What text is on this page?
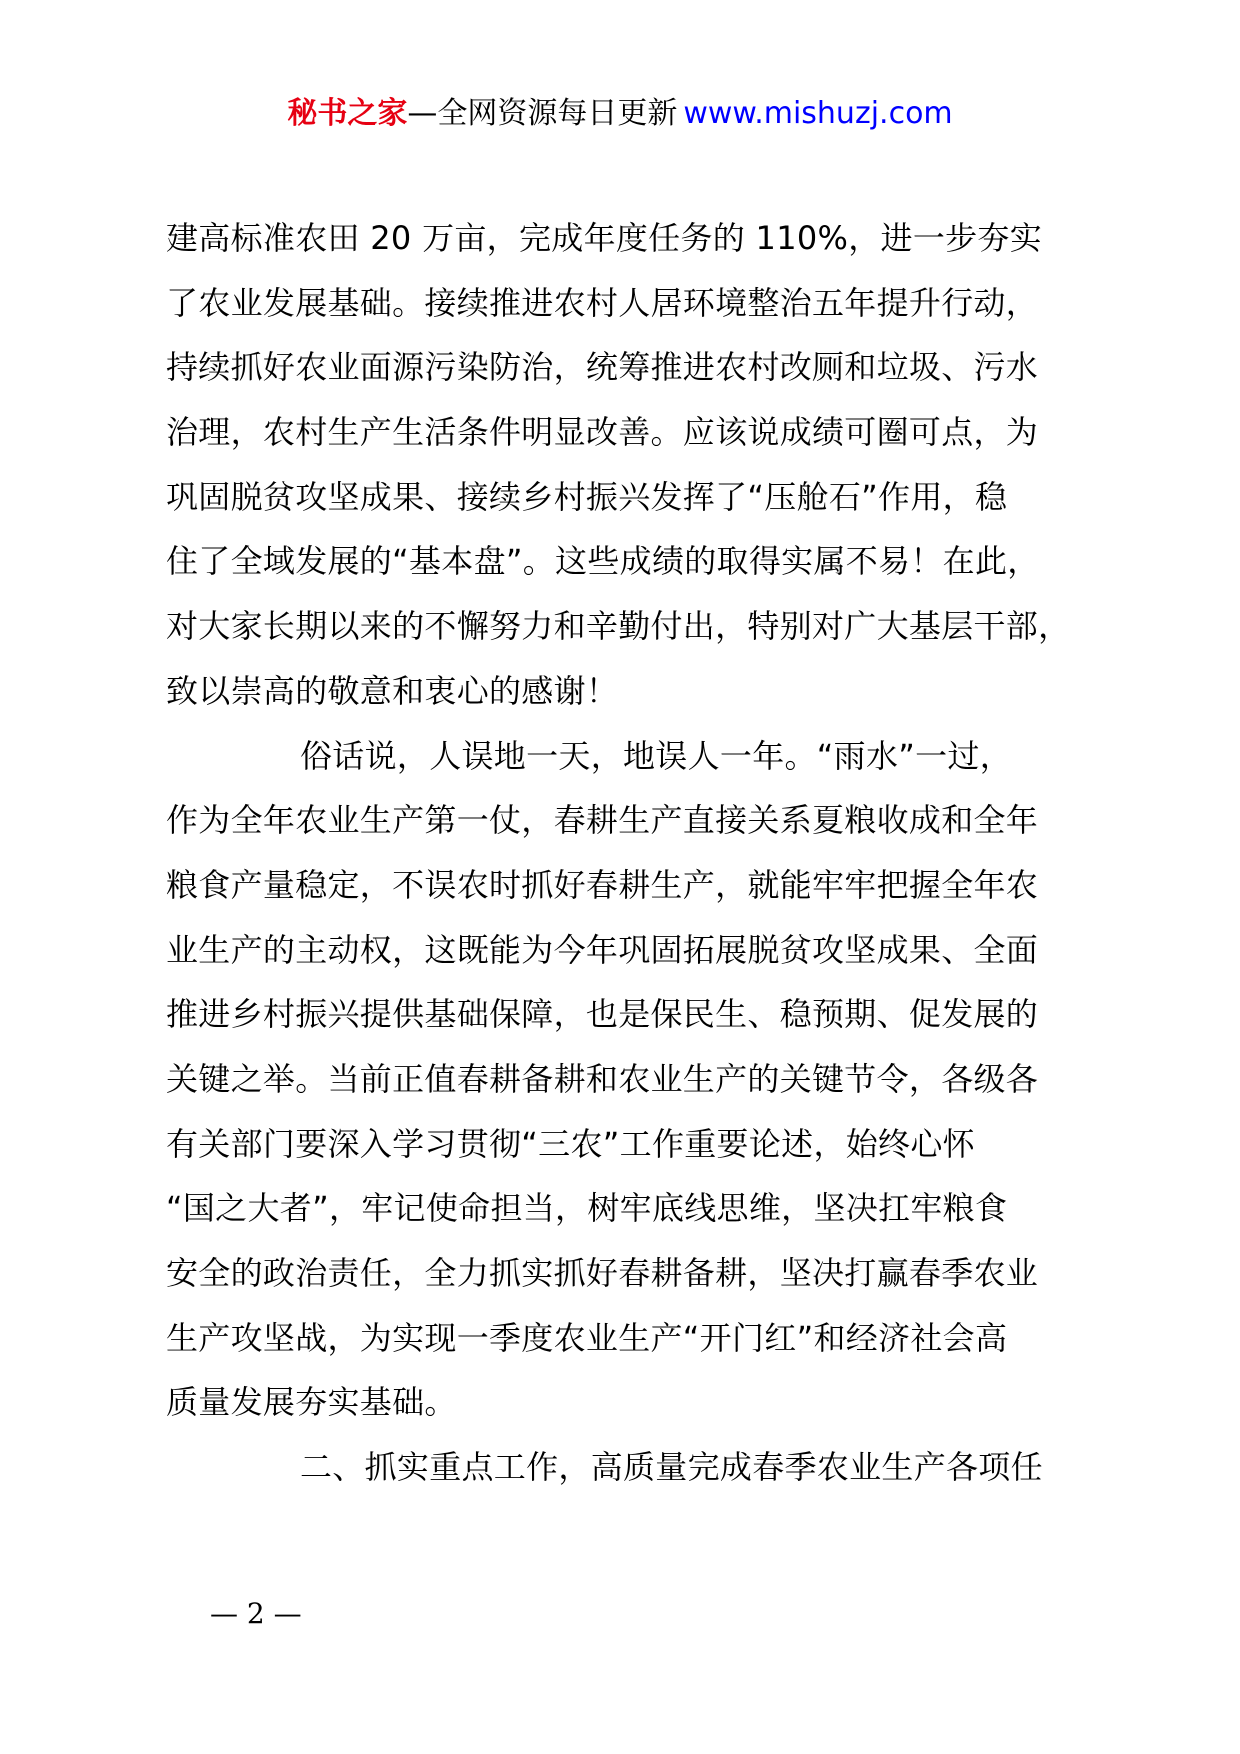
秘书之家—全网资源每日更新 www.mishuzj.com
建高标准农田 20 万亩，完成年度任务的 110%，进一步夯实
了农业发展基础。接续推进农村人居环境整治五年提升行动，
持续抓好农业面源污染防治，统筹推进农村改厕和垃圾、污水
治理，农村生产生活条件明显改善。应该说成绩可圈可点，为
巩固脱贫攻坚成果、接续乡村振兴发挥了“压舱石”作用，稳
住了全域发展的“基本盘”。这些成绩的取得实属不易！在此，
对大家长期以来的不懈努力和辛勤付出，特别对广大基层干部，
致以崇高的敬意和衷心的感谢！
俗话说，人误地一天，地误人一年。“雨水”一过，
作为全年农业生产第一仗，春耕生产直接关系夏粮收成和全年
粮食产量稳定，不误农时抓好春耕生产，就能牢牢把握全年农
业生产的主动权，这既能为今年巩固拓展脱贫攻坚成果、全面
推进乡村振兴提供基础保障，也是保民生、稳预期、促发展的
关键之举。当前正值春耕备耕和农业生产的关键节令，各级各
有关部门要深入学习贯彻“三农”工作重要论述，始终心怀
“国之大者”，牢记使命担当，树牢底线思维，坚决扛牢粮食
安全的政治责任，全力抓实抓好春耕备耕，坚决打赢春季农业
生产攻坚战，为实现一季度农业生产“开门红”和经济社会高
质量发展夯实基础。
二、抓实重点工作，高质量完成春季农业生产各项任
— 2 —
